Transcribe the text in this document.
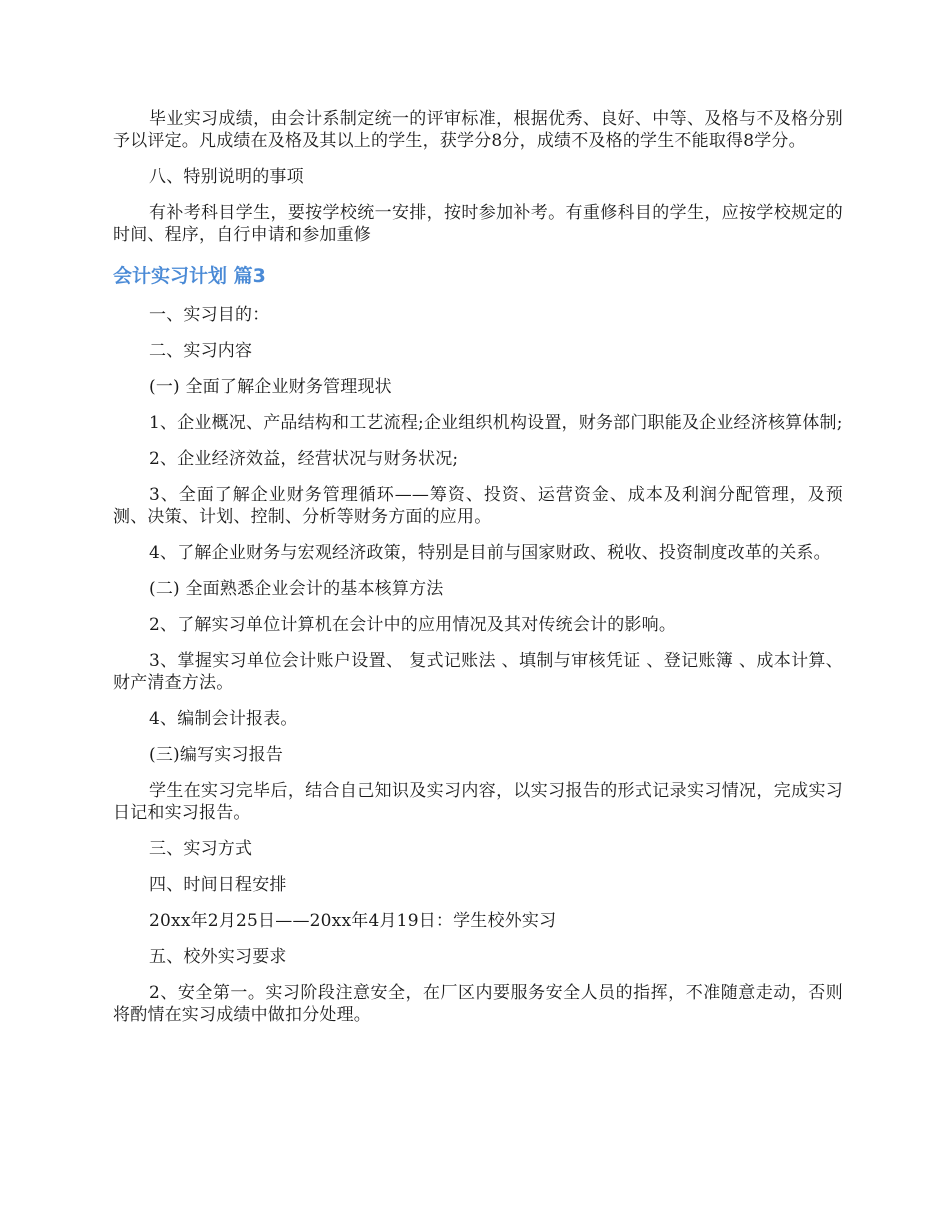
毕业实习成绩，由会计系制定统一的评审标准，根据优秀、良好、中等、及格与不及格分别予以评定。凡成绩在及格及其以上的学生，获学分8分，成绩不及格的学生不能取得8学分。

八、特别说明的事项

有补考科目学生，要按学校统一安排，按时参加补考。有重修科目的学生，应按学校规定的时间、程序，自行申请和参加重修

会计实习计划 篇3

一、实习目的：

二、实习内容

(一) 全面了解企业财务管理现状

1、企业概况、产品结构和工艺流程;企业组织机构设置，财务部门职能及企业经济核算体制;

2、企业经济效益，经营状况与财务状况;

3、全面了解企业财务管理循环——筹资、投资、运营资金、成本及利润分配管理，及预测、决策、计划、控制、分析等财务方面的应用。

4、了解企业财务与宏观经济政策，特别是目前与国家财政、税收、投资制度改革的关系。

(二) 全面熟悉企业会计的基本核算方法

2、了解实习单位计算机在会计中的应用情况及其对传统会计的影响。

3、掌握实习单位会计账户设置、 复式记账法 、填制与审核凭证 、登记账簿 、成本计算、财产清查方法。

4、编制会计报表。

(三)编写实习报告

学生在实习完毕后，结合自己知识及实习内容，以实习报告的形式记录实习情况，完成实习日记和实习报告。

三、实习方式

四、时间日程安排

20xx年2月25日——20xx年4月19日：学生校外实习

五、校外实习要求

2、安全第一。实习阶段注意安全，在厂区内要服务安全人员的指挥，不准随意走动，否则将酌情在实习成绩中做扣分处理。
